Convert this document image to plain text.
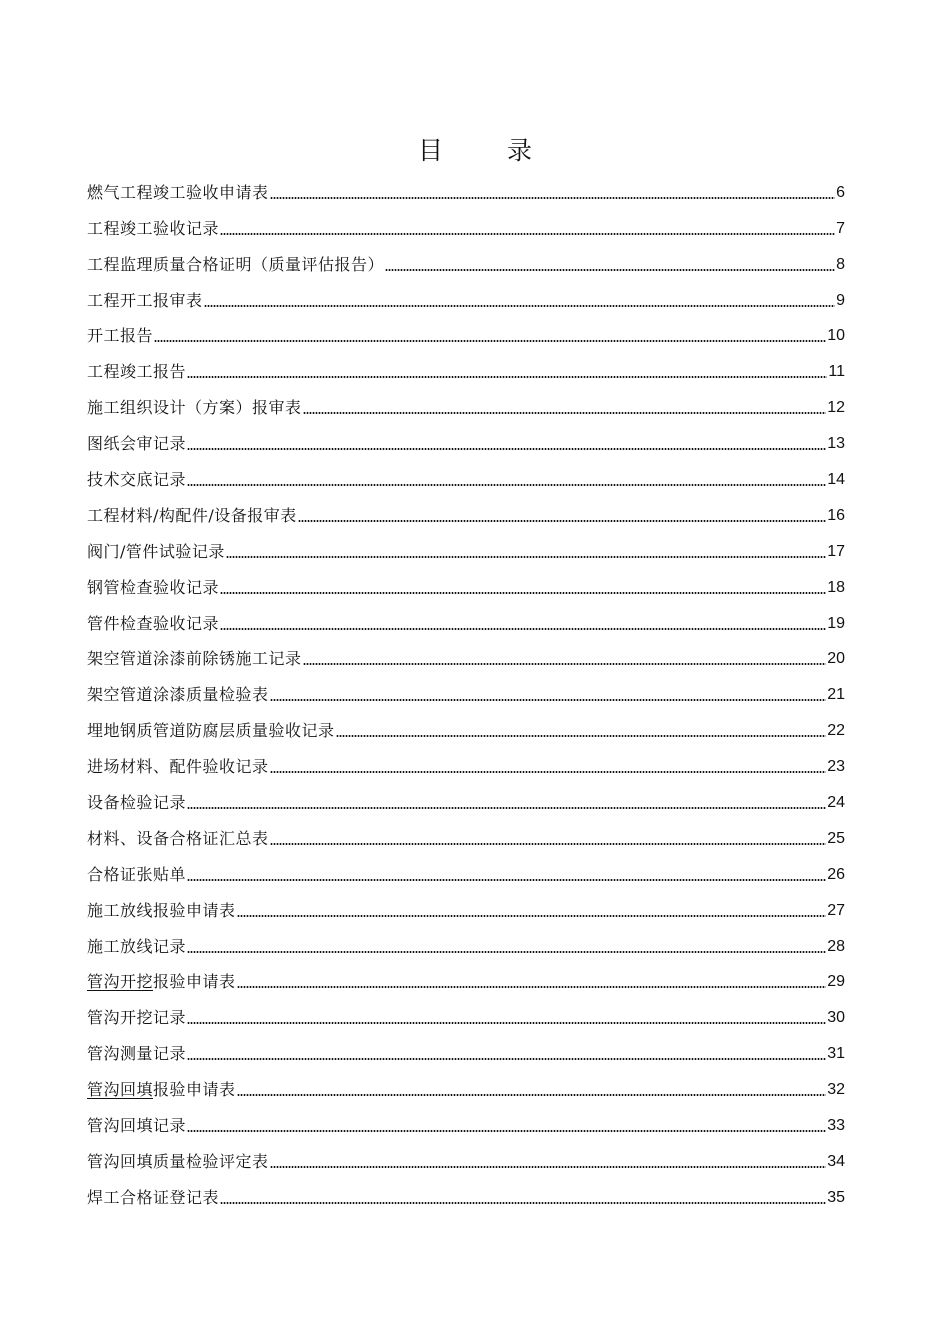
目 录
燃气工程竣工验收申请表	6
工程竣工验收记录	7
工程监理质量合格证明（质量评估报告）	8
工程开工报审表	9
开工报告	10
工程竣工报告	11
施工组织设计（方案）报审表	12
图纸会审记录	13
技术交底记录	14
工程材料/构配件/设备报审表	16
阀门/管件试验记录	17
钢管检查验收记录	18
管件检查验收记录	19
架空管道涂漆前除锈施工记录	20
架空管道涂漆质量检验表	21
埋地钢质管道防腐层质量验收记录	22
进场材料、配件验收记录	23
设备检验记录	24
材料、设备合格证汇总表	25
合格证张贴单	26
施工放线报验申请表	27
施工放线记录	28
管沟开挖报验申请表	29
管沟开挖记录	30
管沟测量记录	31
管沟回填报验申请表	32
管沟回填记录	33
管沟回填质量检验评定表	34
焊工合格证登记表	35
